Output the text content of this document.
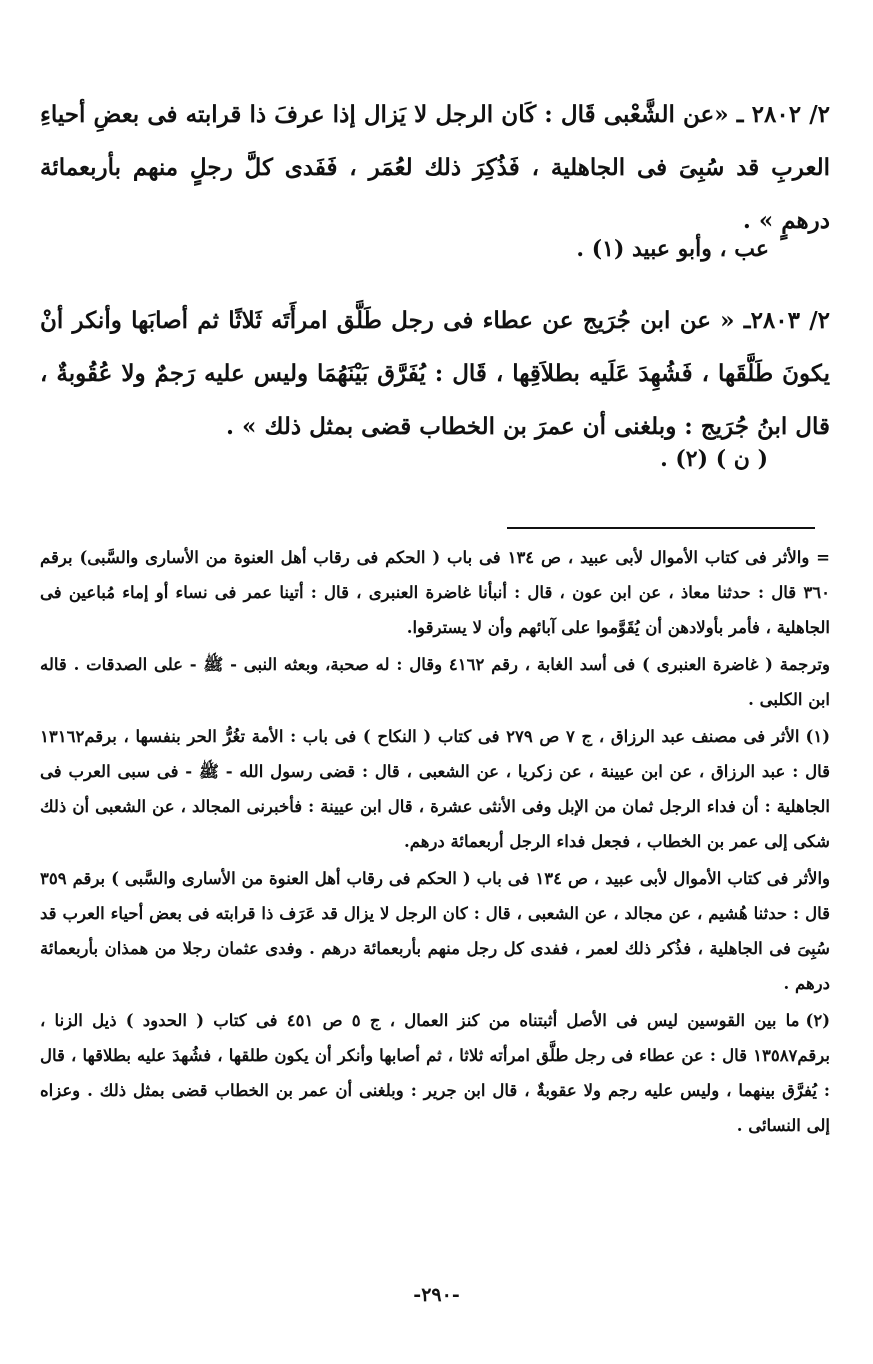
٢/ ٢٨٠٢ ـ «عن الشَّعْبى قَال : كَان الرجل لا يَزال إذا عرفَ ذا قرابته فى بعضِ أحياءِ العربِ قد سُبِىَ فى الجاهلية ، فَذُكِرَ ذلك لعُمَر ، فَفَدى كلَّ رجلٍ منهم بأربعمائة درهمٍ » .

عب ، وأبو عبيد (١) .

٢/ ٢٨٠٣ـ « عن ابن جُرَيج عن عطاء فى رجل طَلَّق امرأَتَه ثَلاثًا ثم أصابَها وأنكر أنْ يكونَ طَلَّقَها ، فَشُهِدَ عَلَيه بطلاَقِها ، قَال : يُفَرَّق بَيْنَهُمَا وليس عليه رَجمٌ ولا عُقُوبةٌ ، قال ابنُ جُرَيج : وبلغنى أن عمرَ بن الخطاب قضى بمثل ذلك » .

( ن ) (٢) .

= والأثر فى كتاب الأموال لأبى عبيد ، ص ١٣٤ فى باب ( الحكم فى رقاب أهل العنوة من الأسارى والسَّبى) برقم ٣٦٠ قال : حدثنا معاذ ، عن ابن عون ، قال : أنبأنا غاضرة العنبرى ، قال : أتينا عمر فى نساء أو إماء مُباعين فى الجاهلية ، فأمر بأولادهن أن يُقَوَّموا على آبائهم وأن لا يسترقوا.

وترجمة ( غاضرة العنبرى ) فى أسد الغابة ، رقم ٤١٦٢ وقال : له صحبة، وبعثه النبى - ﷺ - على الصدقات . قاله ابن الكلبى .

(١)الأثر فى مصنف عبد الرزاق ، ج ٧ ص ٢٧٩ فى كتاب ( النكاح ) فى باب : الأمة تغُرُّ الحر بنفسها ، برقم١٣١٦٢ قال : عبد الرزاق ، عن ابن عيينة ، عن زكريا ، عن الشعبى ، قال : قضى رسول الله - ﷺ - فى سبى العرب فى الجاهلية : أن فداء الرجل ثمان من الإبل وفى الأنثى عشرة ، قال ابن عيينة : فأخبرنى المجالد ، عن الشعبى أن ذلك شكى إلى عمر بن الخطاب ، فجعل فداء الرجل أربعمائة درهم.

والأثر فى كتاب الأموال لأبى عبيد ، ص ١٣٤ فى باب ( الحكم فى رقاب أهل العنوة من الأسارى والسَّبى ) برقم ٣٥٩ قال : حدثنا هُشيم ، عن مجالد ، عن الشعبى ، قال : كان الرجل لا يزال قد عَرَف ذا قرابته فى بعض أحياء العرب قد سُبِىَ فى الجاهلية ، فذُكر ذلك لعمر ، ففدى كل رجل منهم بأربعمائة درهم . وفدى عثمان رجلا من همذان بأربعمائة درهم .

(٢)ما بين القوسين ليس فى الأصل أثبتناه من كنز العمال ، ج ٥ ص ٤٥١ فى كتاب ( الحدود ) ذيل الزنا ، برقم١٣٥٨٧ قال : عن عطاء فى رجل طلَّق امرأته ثلاثا ، ثم أصابها وأنكر أن يكون طلقها ، فشُهدَ عليه بطلاقها ، قال : يُفرَّق بينهما ، وليس عليه رجم ولا عقوبةٌ ، قال ابن جرير : وبلغنى أن عمر بن الخطاب قضى بمثل ذلك . وعزاه إلى النسائى .

-٢٩٠-
